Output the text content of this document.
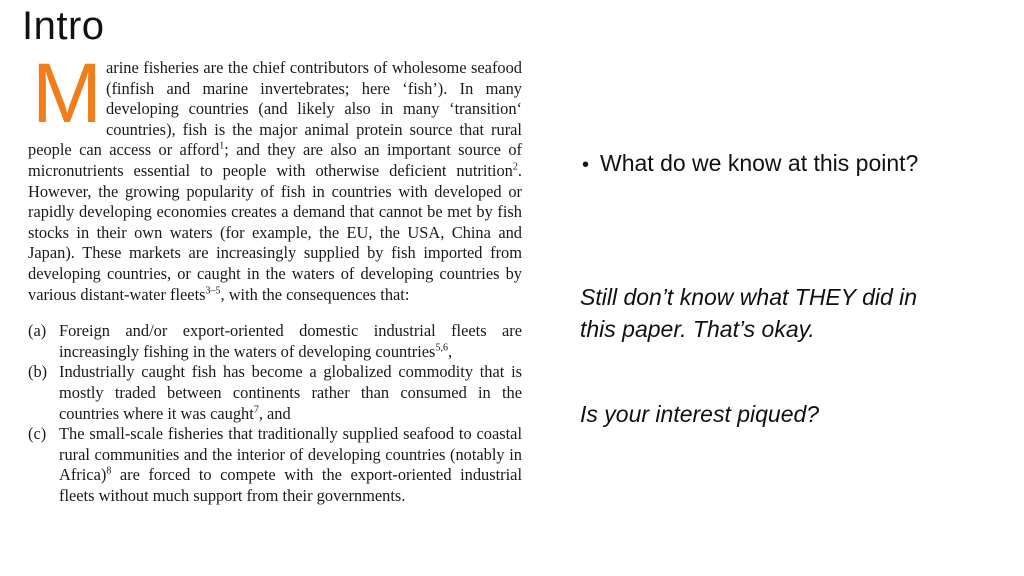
Intro

Marine fisheries are the chief contributors of wholesome seafood (finfish and marine invertebrates; here ‘fish’). In many developing countries (and likely also in many ‘transition‘ countries), fish is the major animal protein source that rural people can access or afford$^1$; and they are also an important source of micronutrients essential to people with otherwise deficient nutrition$^2$. However, the growing popularity of fish in countries with developed or rapidly developing economies creates a demand that cannot be met by fish stocks in their own waters (for example, the EU, the USA, China and Japan). These markets are increasingly supplied by fish imported from developing countries, or caught in the waters of developing countries by various distant-water fleets$^{3-5}$, with the consequences that:

(a) Foreign and/or export-oriented domestic industrial fleets are increasingly fishing in the waters of developing countries$^{5,6}$,
(b) Industrially caught fish has become a globalized commodity that is mostly traded between continents rather than consumed in the countries where it was caught$^7$, and
(c) The small-scale fisheries that traditionally supplied seafood to coastal rural communities and the interior of developing countries (notably in Africa)$^8$ are forced to compete with the export-oriented industrial fleets without much support from their governments.
• What do we know at this point?
Still don’t know what THEY did in
this paper. That’s okay.
Is your interest piqued?
